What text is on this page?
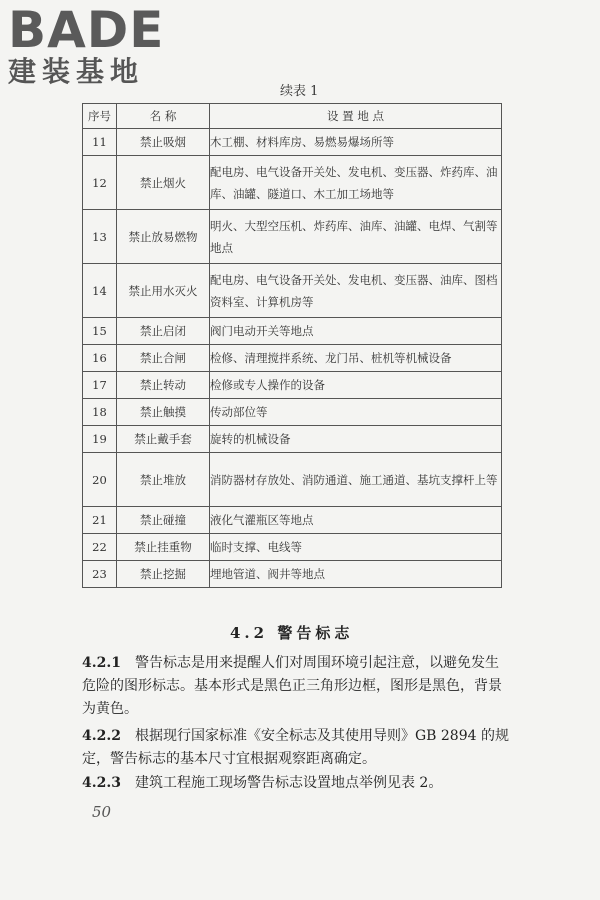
BADE
建装基地
续表 1
序号	名 称	设 置 地 点
11	禁止吸烟	木工棚、材料库房、易燃易爆场所等
12	禁止烟火	配电房、电气设备开关处、发电机、变压器、炸药库、油库、油罐、隧道口、木工加工场地等
13	禁止放易燃物	明火、大型空压机、炸药库、油库、油罐、电焊、气割等地点
14	禁止用水灭火	配电房、电气设备开关处、发电机、变压器、油库、图档资料室、计算机房等
15	禁止启闭	阀门电动开关等地点
16	禁止合闸	检修、清理搅拌系统、龙门吊、桩机等机械设备
17	禁止转动	检修或专人操作的设备
18	禁止触摸	传动部位等
19	禁止戴手套	旋转的机械设备
20	禁止堆放	消防器材存放处、消防通道、施工通道、基坑支撑杆上等
21	禁止碰撞	液化气灌瓶区等地点
22	禁止挂重物	临时支撑、电线等
23	禁止挖掘	埋地管道、阀井等地点
4.2 警告标志

4.2.1 警告标志是用来提醒人们对周围环境引起注意，以避免发生危险的图形标志。基本形式是黑色正三角形边框，图形是黑色，背景为黄色。

4.2.2 根据现行国家标准《安全标志及其使用导则》GB 2894 的规定，警告标志的基本尺寸宜根据观察距离确定。

4.2.3 建筑工程施工现场警告标志设置地点举例见表 2。

50
